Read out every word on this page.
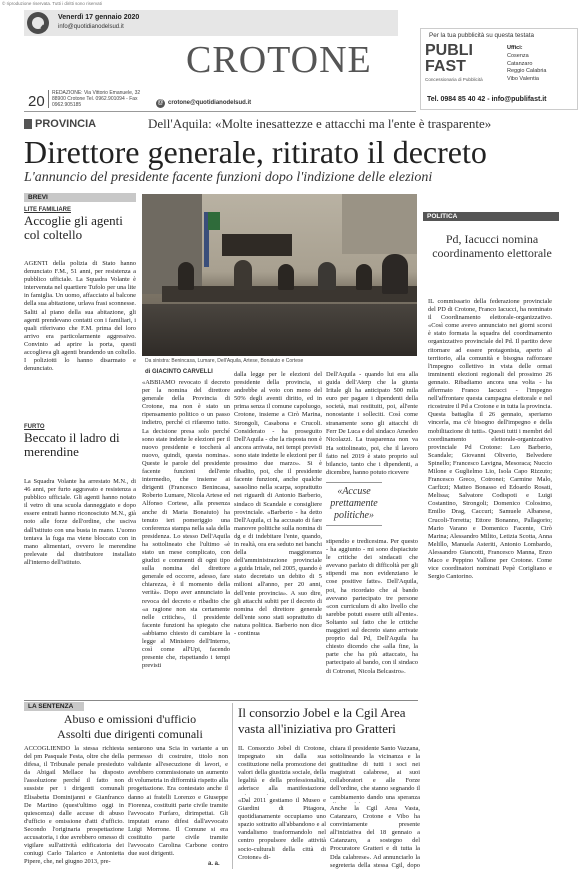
© riproduzione riservata. Tutti i diritti sono riservati
Venerdì 17 gennaio 2020
info@quotidianodelsud.it
CROTONE
20 REDAZIONE: Via Vittorio Emanuele, 32 88900 Crotone Tel. 0962.901094 - Fax 0962.905185	@ crotone@quotidianodelsud.it
Per la tua pubblicità su questa testata
PUBLI FAST
Concessionaria di Pubblicità
Uffici:
Cosenza
Catanzaro
Reggio Calabria
Vibo Valentia
Tel. 0984 85 40 42 - info@publifast.it
PROVINCIA	Dell'Aquila: «Molte inesattezze e attacchi ma l'ente è trasparente»
Direttore generale, ritirato il decreto
L'annuncio del presidente facente funzioni dopo l'indizione delle elezioni
BREVI
LITE FAMILIARE
Accoglie gli agenti col coltello
AGENTI della polizia di Stato hanno denunciato F.M., 51 anni, per resistenza a pubblico ufficiale. La Squadra Volante è intervenuta nel quartiere Tufolo per una lite in famiglia. Un uomo, affacciato al balcone della sua abitazione, urlava frasi sconnesse. Saliti al piano della sua abitazione, gli agenti prendevano contatti con i familiari, i quali riferivano che F.M. prima del loro arrivo era particolarmente aggressivo. Convinto ad aprire la porta, questi accoglieva gli agenti brandendo un coltello. I poliziotti lo hanno disarmato e denunciato.
FURTO
Beccato il ladro di merendine
La Squadra Volante ha arrestato M.N., di 46 anni, per furto aggravato e resistenza a pubblico ufficiale. Gli agenti hanno notato il vetro di una scuola danneggiato e dopo essere entrati hanno riconosciuto M.N., già noto alle forze dell'ordine, che usciva dall'istituto con una busta in mano. L'uomo tentava la fuga ma viene bloccato con in mano alimentari, ovvero le merendine prelevate dal distributore installato all'interno dell'istituto.
Da sinistra: Benincasa, Lumare, Dell'Aquila, Artese, Bonaiuto e Cortese
di GIACINTO CARVELLI
«ABBIAMO revocato il decreto per la nomina del direttore generale della Provincia di Crotone, ma non è stato un ripensamento politico o un passo indietro, perché ci rifaremo tutto. La decisione presa solo perché sono state indette le elezioni per il nuovo presidente e toccherà al nuovo, quindi, questa nomina». Queste le parole del presidente facente funzioni dell'ente intermedio, che insieme ai dirigenti (Francesco Benincasa, Roberto Lumare, Nicola Artese ed Alfonso Cortese, alla presenza anche di Maria Bonaiuto) ha tenuto ieri pomeriggio una conferenza stampa nella sala della presidenza. Lo stesso Dell'Aquila ha sottolineato che l'ultimo «è stato un mese complicato, con giudizi e commenti di ogni tipo sulla nomina del direttore generale ed occorre, adesso, fare chiarezza, è il momento della verità». Dopo aver annunciato la revoca del decreto e ribadito che «a ragione non sta certamente nelle critiche», il presidente facente funzioni ha spiegato che «abbiamo chiesto di cambiare la legge al Ministero dell'Interno, così come all'Upi, facendo presente che, rispettando i tempi previsti
dalla legge per le elezioni del presidente della provincia, si andrebbe al voto con meno del 50% degli aventi diritto, ed in prima senza il comune capoluogo, Crotone, insieme a Cirò Marina, Strongoli, Casabona e Crucoli. Considerato - ha proseguito Dell'Aquila - che la risposta non è ancora arrivata, nei tempi previsti sono state indette le elezioni per il prossimo due marzo». Si è ribadito, poi, che il presidente facente funzioni, anche qualche sassolino nella scarpa, soprattutto nei riguardi di Antonio Barberio, sindaco di Scandale e consigliere provinciale. «Barberio - ha detto Dell'Aquila, ci ha accusato di fare manovre politiche sulla nomina di dg e di indebitare l'ente, quando, in realtà, ora era seduto nei banchi della maggioranza dell'amministrazione provinciale a guida Iritale, nel 2005, quando è stato decretato un debito di 5 milioni all'anno, per 20 anni, dell'ente provincia». A suo dire, gli attacchi subiti per il decreto di nomina del direttore generale dell'ente sono stati soprattutto di natura politica. Barberio non dice - continua
Dell'Aquila - quando lui era alla guida dell'Aterp che la giunta Iritale gli ha anticipato 500 mila euro per pagare i dipendenti della società, mai restituiti, poi, all'ente nonostante i solleciti. Così come stranamente sono gli attacchi di Ferr De Luca e del sindaco Amedeo Nicolazzi. La trasparenza non va
Ha sottolineato, poi, che il lavoro fatto nel 2019 è stato proprio sul bilancio, tanto che i dipendenti, a dicembre, hanno potuto ricevere
«Accuse prettamente politiche»
stipendio e tredicesima. Per questo - ha aggiunto - mi sono dispiaciute le critiche dei sindacati che avevano parlato di difficoltà per gli stipendi ma non evidenziano le cose positive fatte». Dell'Aquila, poi, ha ricordato che al bando avevano partecipato tre persone «con curriculum di alto livello che sarebbe potuti essere utili all'ente». Soltanto sul fatto che le critiche maggiori sul decreto siano arrivate proprio dal Pd, Dell'Aquila ha chiesto dicendo che «alla fine, la parte che ha più attaccato, ha partecipato al bando, con il sindaco di Cotronei, Nicola Belcastro».
POLITICA
Pd, Iacucci nomina coordinamento elettorale
IL commissario della federazione provinciale del PD di Crotone, Franco Iacucci, ha nominato il Coordinamento elettorale-organizzativo. «Così come avevo annunciato nei giorni scorsi è stato formata la squadra del coordinamento organizzativo provinciale del Pd. Il partito deve ritornare ad essere protagonista, aperto al territorio, alla comunità e bisogna rafforzare l'impegno collettivo in vista delle ormai imminenti elezioni regionali del prossimo 26 gennaio. Ribadiamo ancora una volta - ha affermato Franco Iacucci - l'impegno nell'affrontare questa campagna elettorale e nel ricostruire il Pd a Crotone e in tutta la provincia. Questa battaglia il 26 gennaio, speriamo vincerla, ma c'è bisogno dell'impegno e della mobilitazione di tutti». Questi tutti i membri del coordinamento elettorale-organizzativo provinciale Pd Crotone: Leo Barberio, Scandale; Giovanni Oliverio, Belvedere Spinello; Francesco Lavigna, Mesoraca; Nuccio Milone e Guglielmo Lio, Isola Capo Rizzuto; Francesco Greco, Cotronei; Carmine Malo, Carfizzi; Matteo Bonasso ed Edoardo Rosati, Melissa; Salvatore Codispoti e Luigi Costantino, Strongoli; Domenico Colosimo, Emilio Drag, Caccuri; Samuele Albanese, Crucoli-Torretta; Ettore Bonanno, Pallagorio; Mario Varano e Domenico Facente, Cirò Marina; Alessandro Milito, Letizia Scotta, Anna Melillo, Manuela Asteriti, Antonio Lombardo, Alessandro Giancotti, Francesco Manna, Enzo Maco e Peppino Vallone per Crotone. Come vice coordinatori nominati Pepè Corigliano e Sergio Cantorino.
LA SENTENZA
Abuso e omissioni d'ufficio
Assolti due dirigenti comunali
ACCOGLIENDO la stessa richiesta del pm Pasquale Festa, oltre che della difesa, il Tribunale penale presieduto da Abigail Mellace ha disposto l'assoluzione perché il fatto non sussiste per i dirigenti comunali Elisabetta Dominijanni e Gianfranco De Martino (quest'ultimo oggi in quiescenza) dalle accuse di abuso d'ufficio e omissione d'atti d'ufficio. Secondo l'originaria prospettazione accusatoria, i due avrebbero omesso di vigilare sull'attività edificatoria dei coniugi Carlo Talarico e Antonietta Pipere, che, nel giugno 2013, pre-
sentarono una Scia in variante a un permesso di costruire, titolo non validante all'esecuzione di lavori, e avrebbero commissionato un aumento di volumetria in difformità rispetto alla progettazione. Era contestato anche il danno ai fratelli Lorenzo e Giuseppe Fiorenza, costituiti parte civile tramite l'avvocato Furfaro, dirimpettai. Gli imputati erano difesi dall'avvocato Luigi Morrone. Il Comune si era costituito parte civile tramite l'avvocato Carolina Carbone contro due suoi dirigenti.
a. a.
Il consorzio Jobel e la Cgil Area
vasta all'iniziativa pro Gratteri
IL Consorzio Jobel di Crotone, impegnato sin dalla sua costituzione nella promozione dei valori della giustizia sociale, della legalità e della professionalità, aderisce alla manifestazione
«Dal 2011 gestiamo il Museo e Giardini di Pitagora, quotidianamente occupiamo uno spazio sottratto all'abbandono e al vandalismo trasformandolo nel centro propulsore delle attività socio-culturali della città di Crotone» di-
chiara il presidente Santo Vazzana, sottolineando la vicinanza e la gratitudine di tutti i soci nei magistrati calabrese, ai suoi collaboratori e alle Forze dell'ordine, che stanno segnando il cambiamento dando una speranza
Anche la Cgil Area Vasta, Catanzaro, Crotone e Vibo ha convintamente presente all'iniziativa del 18 gennaio a Catanzaro, a sostegno del Procuratore Gratteri e di tutta la Dda calabrese». Ad annunciarlo la segreteria della stessa Cgil, dopo
